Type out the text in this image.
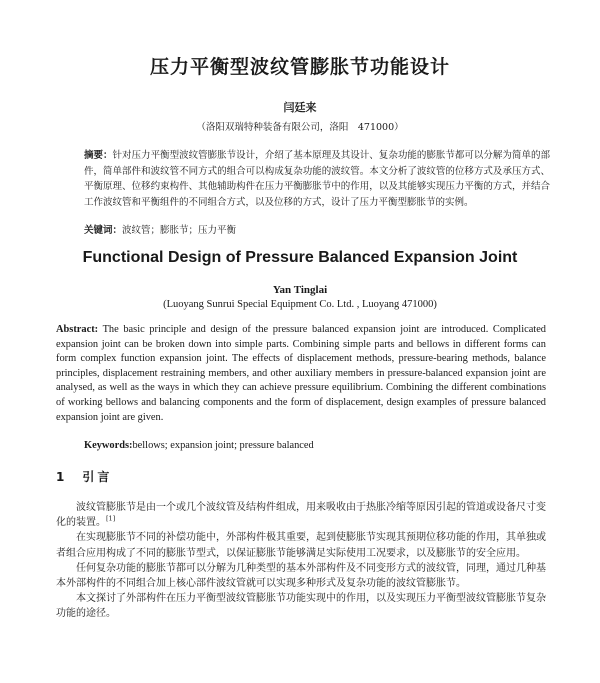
压力平衡型波纹管膨胀节功能设计
闫廷来
（洛阳双瑞特种装备有限公司，洛阳　471000）
摘要：针对压力平衡型波纹管膨胀节设计，介绍了基本原理及其设计、复杂功能的膨胀节都可以分解为简单的部件，简单部件和波纹管不同方式的组合可以构成复杂功能的波纹管。本文分析了波纹管的位移方式及承压方式、平衡原理、位移约束构件、其他辅助构件在压力平衡膨胀节中的作用，以及其能够实现压力平衡的方式，并结合工作波纹管和平衡组件的不同组合方式，以及位移的方式，设计了压力平衡型膨胀节的实例。
关键词：波纹管；膨胀节；压力平衡
Functional Design of Pressure Balanced Expansion Joint
Yan Tinglai
(Luoyang Sunrui Special Equipment Co. Ltd. , Luoyang 471000)
Abstract: The basic principle and design of the pressure balanced expansion joint are introduced. Complicated expansion joint can be broken down into simple parts. Combining simple parts and bellows in different forms can form complex function expansion joint. The effects of displacement methods, pressure-bearing methods, balance principles, displacement restraining members, and other auxiliary members in pressure-balanced expansion joint are analysed, as well as the ways in which they can achieve pressure equilibrium. Combining the different combinations of working bellows and balancing components and the form of displacement, design examples of pressure balanced expansion joint are given.
Keywords:bellows; expansion joint; pressure balanced
1 引言

波纹管膨胀节是由一个或几个波纹管及结构件组成，用来吸收由于热胀冷缩等原因引起的管道或设备尺寸变化的装置。[1]

在实现膨胀节不同的补偿功能中，外部构件极其重要，起到使膨胀节实现其预期位移功能的作用，其单独或者组合应用构成了不同的膨胀节型式，以保证膨胀节能够满足实际使用工况要求，以及膨胀节的安全应用。

任何复杂功能的膨胀节都可以分解为几种类型的基本外部构件及不同变形方式的波纹管，同理，通过几种基本外部构件的不同组合加上核心部件波纹管就可以实现多种形式及复杂功能的波纹管膨胀节。

本文探讨了外部构件在压力平衡型波纹管膨胀节功能实现中的作用，以及实现压力平衡型波纹管膨胀节复杂功能的途径。
